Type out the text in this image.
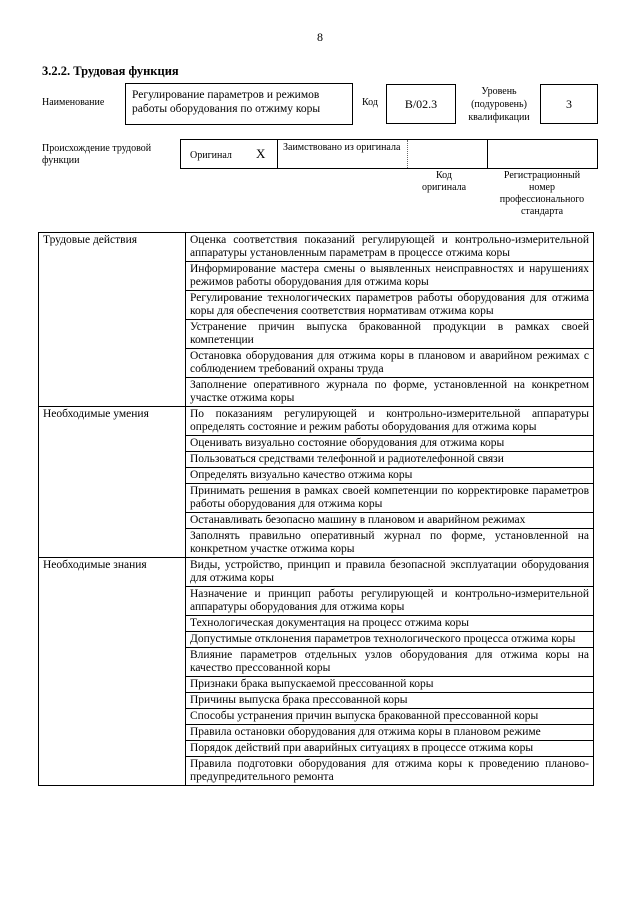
8
3.2.2. Трудовая функция
Наименование
Регулирование параметров и режимов работы оборудования по отжиму коры
Код	B/02.3
Уровень (подуровень) квалификации
3
Происхождение трудовой функции	Оригинал X Заимствовано из оригинала
Код оригинала
Регистрационный номер профессионального стандарта
Трудовые действия	Оценка соответствия показаний регулирующей и контрольно-измерительной аппаратуры установленным параметрам в процессе отжима коры
	Информирование мастера смены о выявленных неисправностях и нарушениях режимов работы оборудования для отжима коры
	Регулирование технологических параметров работы оборудования для отжима коры для обеспечения соответствия нормативам отжима коры
	Устранение причин выпуска бракованной продукции в рамках своей компетенции
	Остановка оборудования для отжима коры в плановом и аварийном режимах с соблюдением требований охраны труда
	Заполнение оперативного журнала по форме, установленной на конкретном участке отжима коры
Необходимые умения	По показаниям регулирующей и контрольно-измерительной аппаратуры определять состояние и режим работы оборудования для отжима коры
	Оценивать визуально состояние оборудования для отжима коры
	Пользоваться средствами телефонной и радиотелефонной связи
	Определять визуально качество отжима коры
	Принимать решения в рамках своей компетенции по корректировке параметров работы оборудования для отжима коры
	Останавливать безопасно машину в плановом и аварийном режимах
	Заполнять правильно оперативный журнал по форме, установленной на конкретном участке отжима коры
Необходимые знания	Виды, устройство, принцип и правила безопасной эксплуатации оборудования для отжима коры
	Назначение и принцип работы регулирующей и контрольно-измерительной аппаратуры оборудования для отжима коры
	Технологическая документация на процесс отжима коры
	Допустимые отклонения параметров технологического процесса отжима коры
	Влияние параметров отдельных узлов оборудования для отжима коры на качество прессованной коры
	Признаки брака выпускаемой прессованной коры
	Причины выпуска брака прессованной коры
	Способы устранения причин выпуска бракованной прессованной коры
	Правила остановки оборудования для отжима коры в плановом режиме
	Порядок действий при аварийных ситуациях в процессе отжима коры
	Правила подготовки оборудования для отжима коры к проведению планово-предупредительного ремонта
